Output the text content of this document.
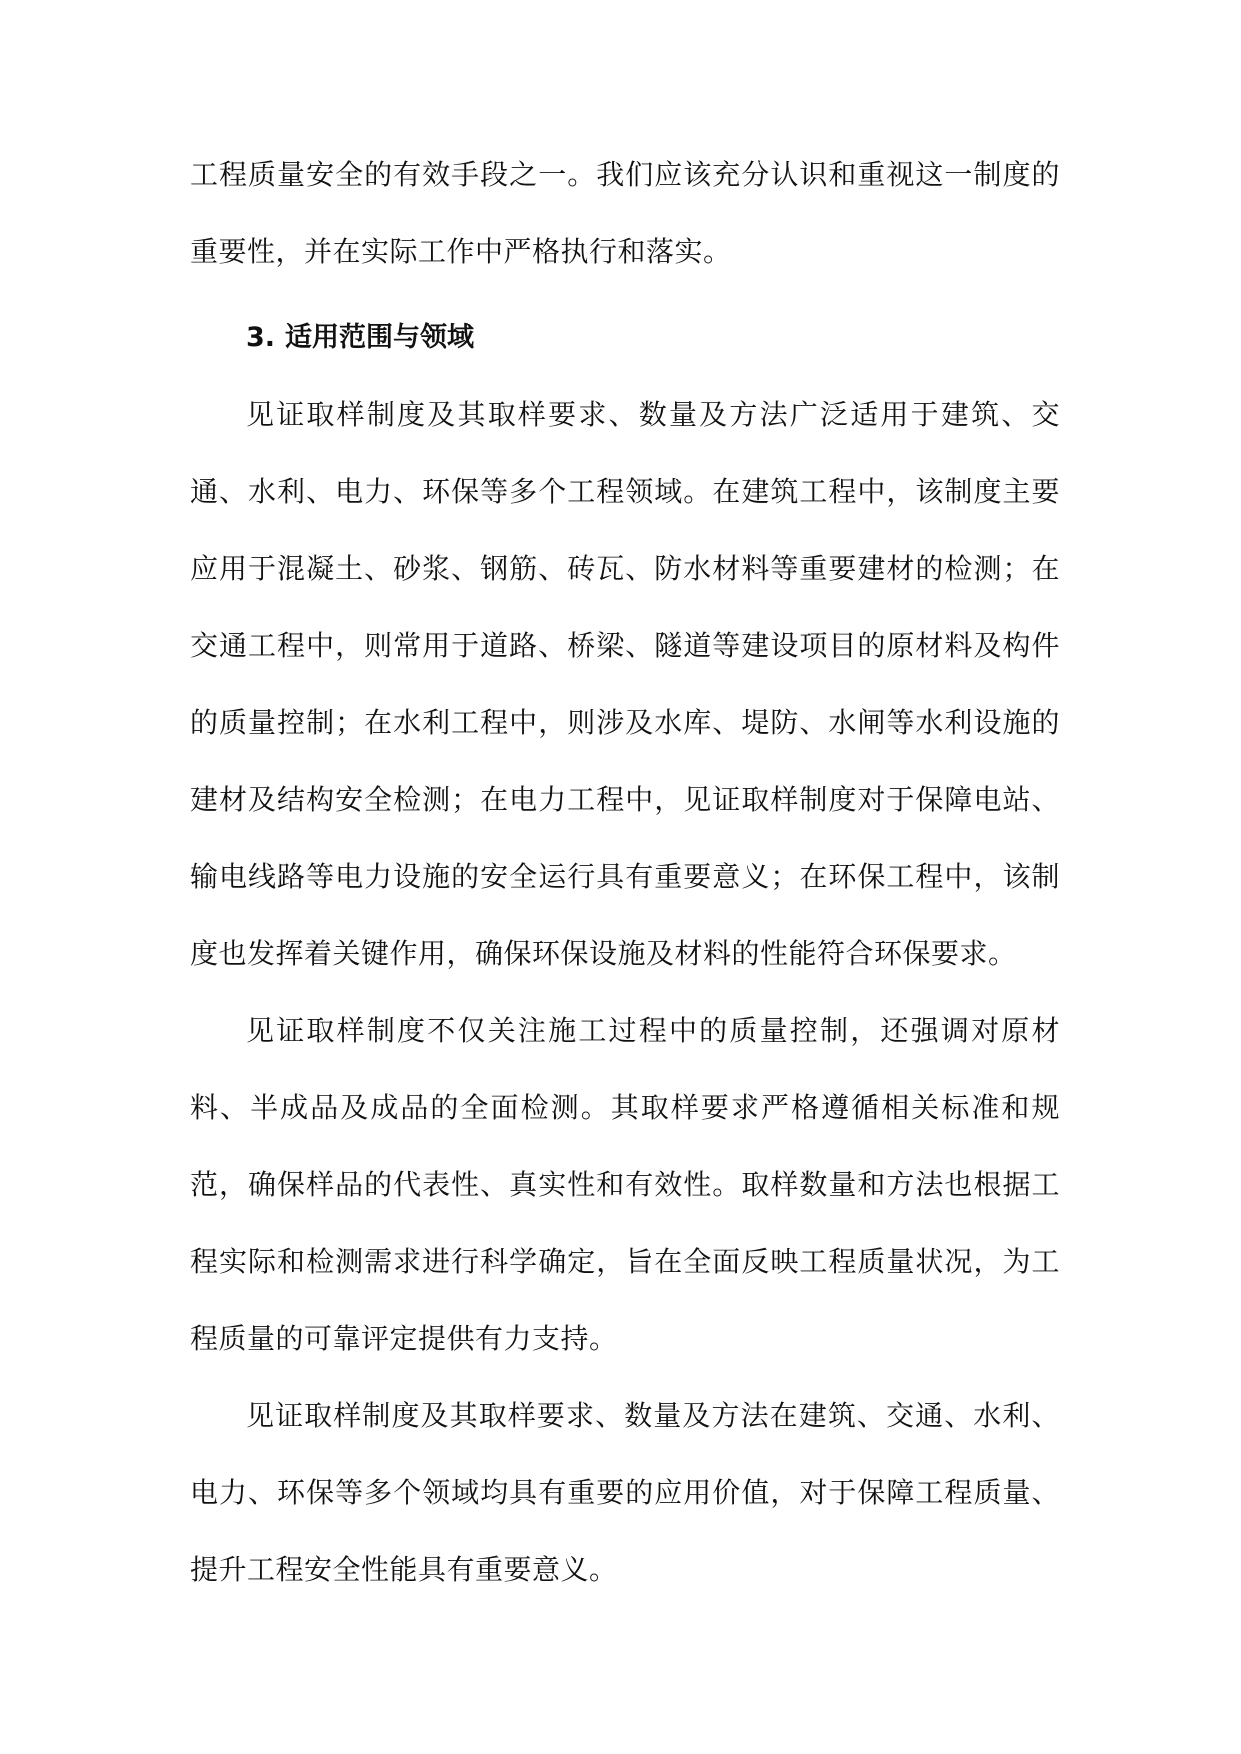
工程质量安全的有效手段之一。我们应该充分认识和重视这一制度的重要性，并在实际工作中严格执行和落实。

3. 适用范围与领域

见证取样制度及其取样要求、数量及方法广泛适用于建筑、交通、水利、电力、环保等多个工程领域。在建筑工程中，该制度主要应用于混凝土、砂浆、钢筋、砖瓦、防水材料等重要建材的检测；在交通工程中，则常用于道路、桥梁、隧道等建设项目的原材料及构件的质量控制；在水利工程中，则涉及水库、堤防、水闸等水利设施的建材及结构安全检测；在电力工程中，见证取样制度对于保障电站、输电线路等电力设施的安全运行具有重要意义；在环保工程中，该制度也发挥着关键作用，确保环保设施及材料的性能符合环保要求。

见证取样制度不仅关注施工过程中的质量控制，还强调对原材料、半成品及成品的全面检测。其取样要求严格遵循相关标准和规范，确保样品的代表性、真实性和有效性。取样数量和方法也根据工程实际和检测需求进行科学确定，旨在全面反映工程质量状况，为工程质量的可靠评定提供有力支持。

见证取样制度及其取样要求、数量及方法在建筑、交通、水利、电力、环保等多个领域均具有重要的应用价值，对于保障工程质量、提升工程安全性能具有重要意义。
